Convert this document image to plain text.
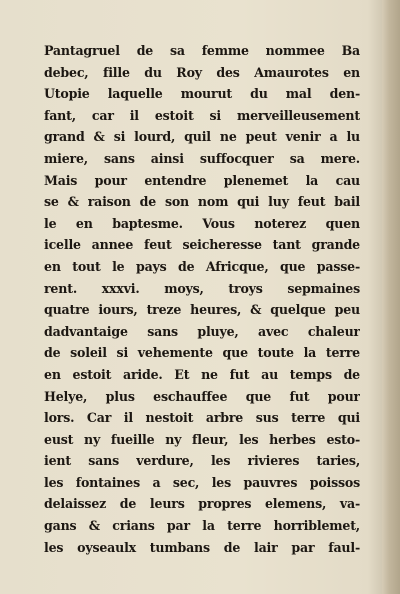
Pantagruel de sa femme nommee Ba
debec, fille du Roy des Amaurotes en
Utopie laquelle mourut du mal den-
fant, car il estoit si merveilleusement
grand & si lourd, quil ne peut venir a lu
miere, sans ainsi suffocquer sa mere.
Mais pour entendre plenemet la cau
se & raison de son nom qui luy feut bail
le en baptesme. Vous noterez quen
icelle annee feut seicheresse tant grande
en tout le pays de Africque, que passe-
rent. xxxvi. moys, troys sepmaines
quatre iours, treze heures, & quelque peu
dadvantaige sans pluye, avec chaleur
de soleil si vehemente que toute la terre
en estoit aride. Et ne fut au temps de
Helye, plus eschauffee que fut pour
lors. Car il nestoit arbre sus terre qui
eust ny fueille ny fleur, les herbes esto-
ient sans verdure, les rivieres taries,
les fontaines a sec, les pauvres poissos
delaissez de leurs propres elemens, va-
gans & crians par la terre horriblemet,
les oyseaulx tumbans de lair par faul-
